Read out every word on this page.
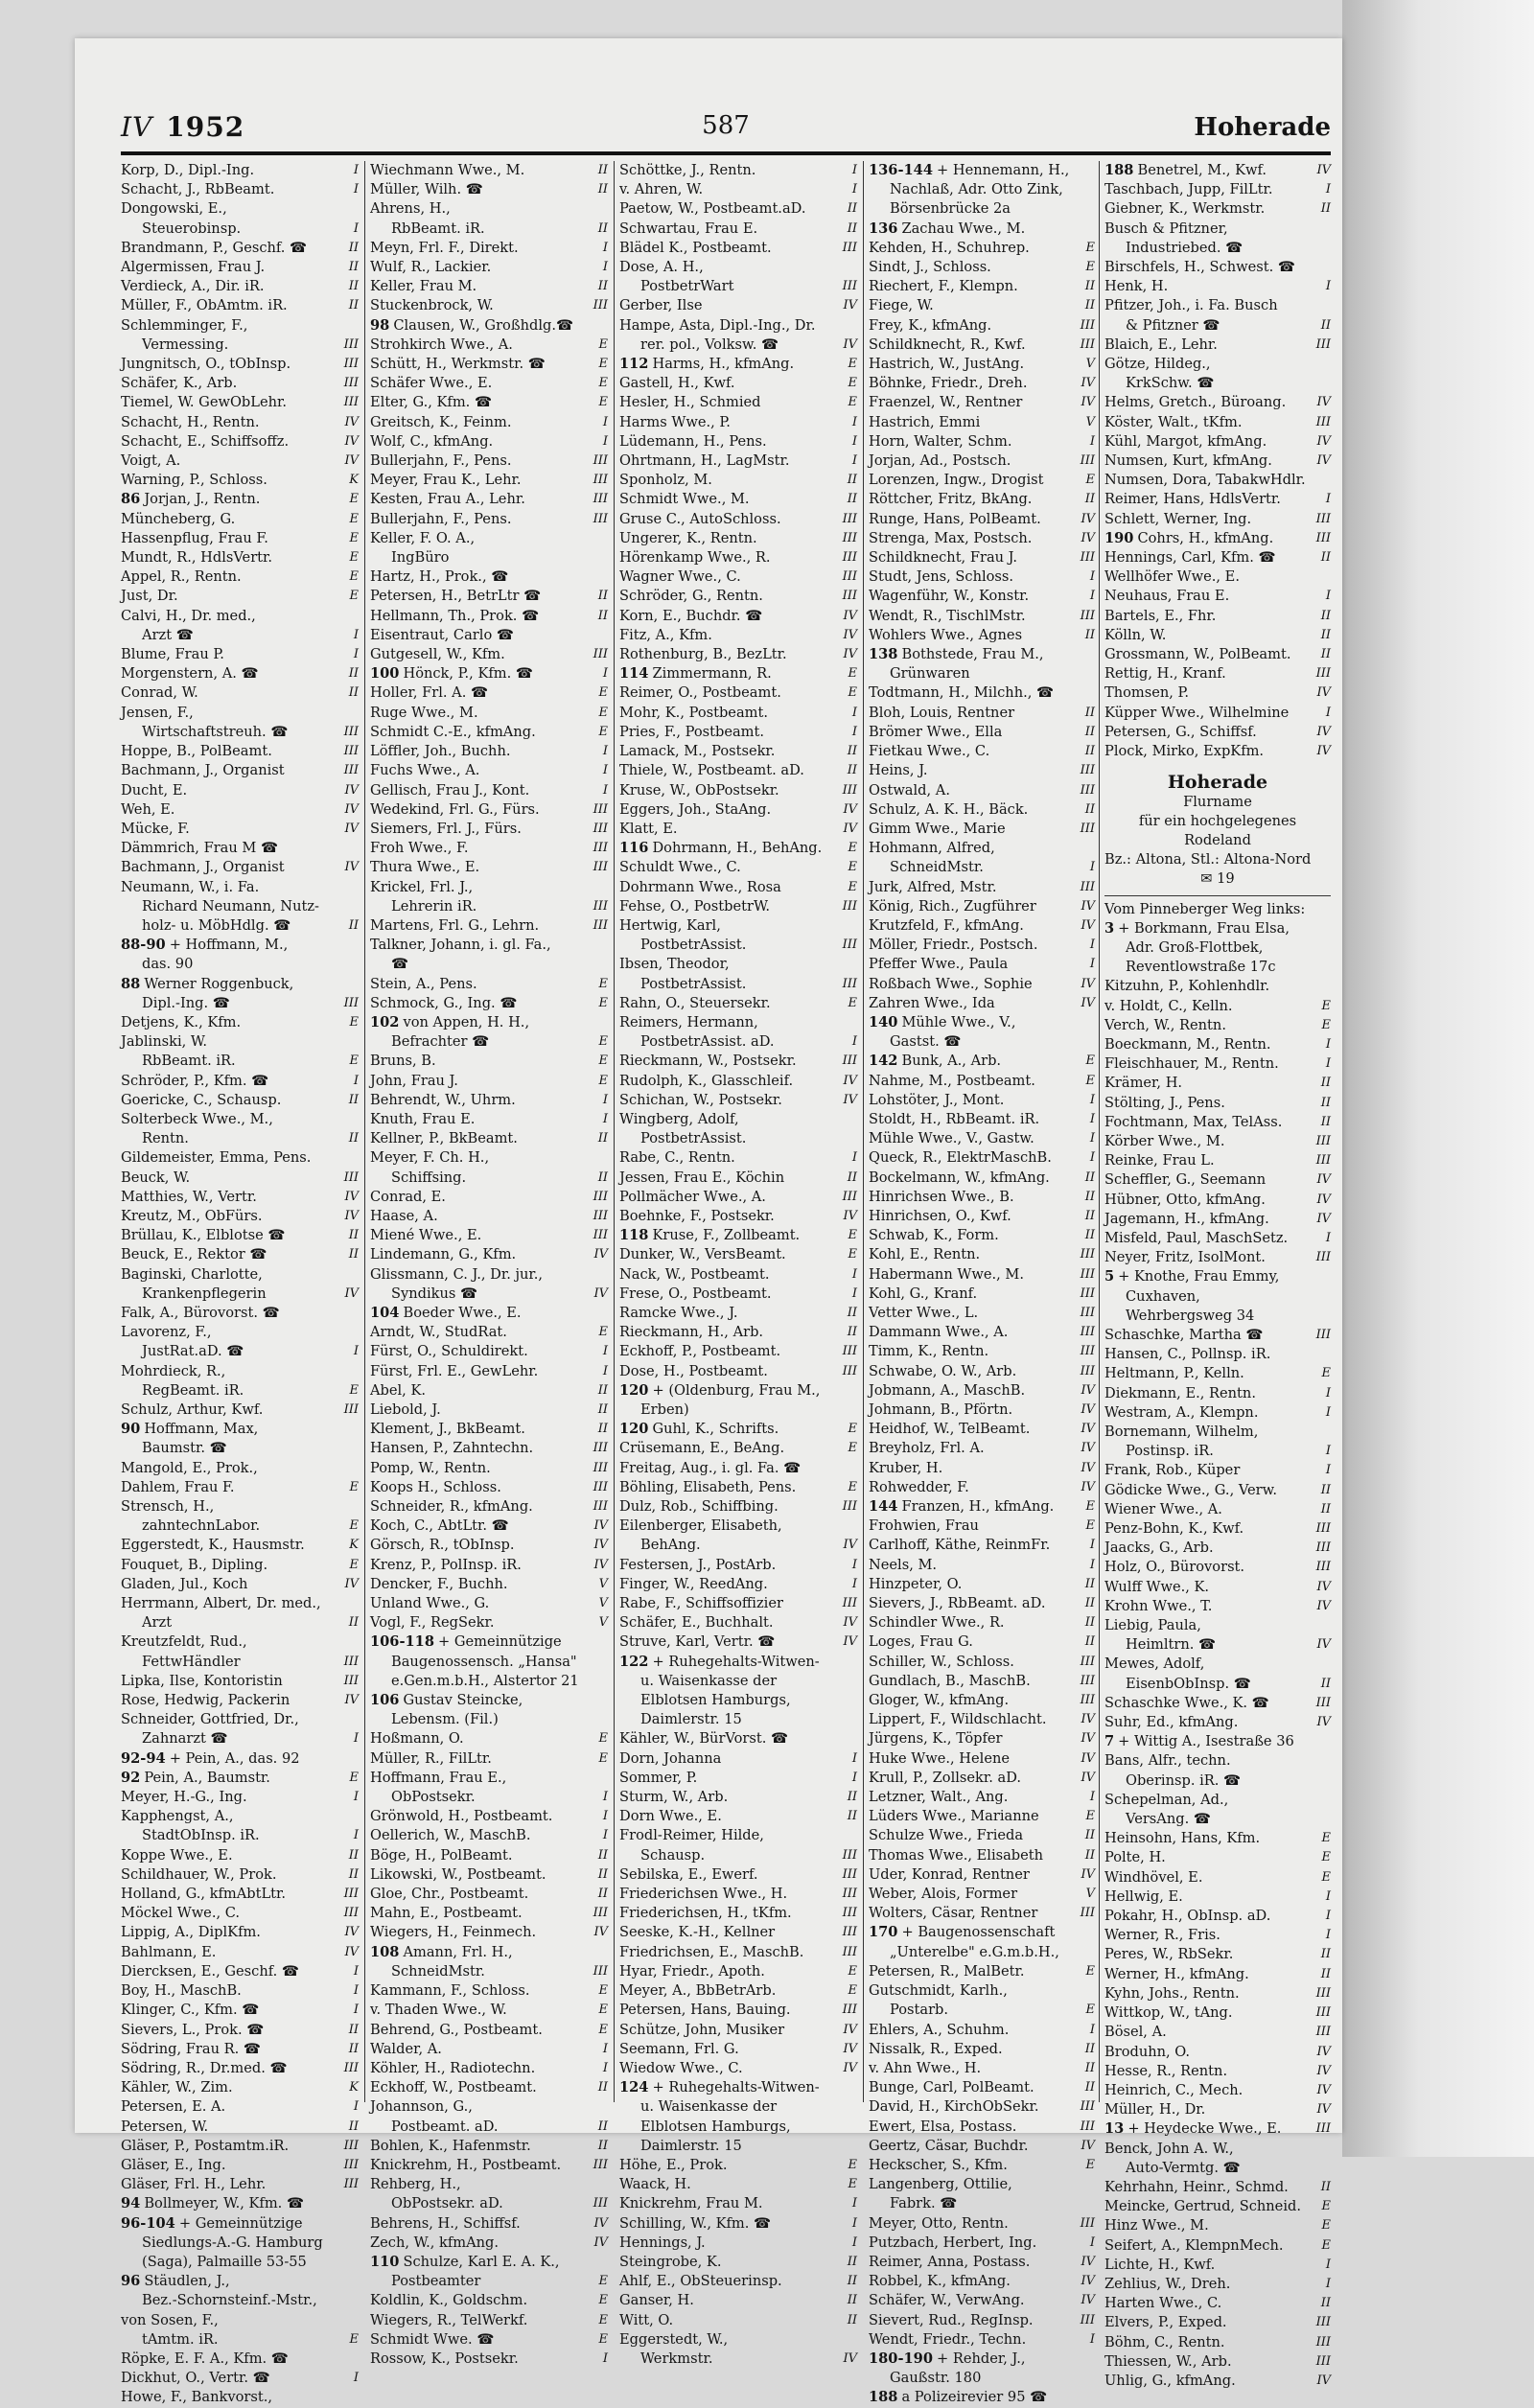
IV 1952	587	Hoherade
Korp, D., Dipl.-Ing.	I
Schacht, J., RbBeamt.	I
Dongowski, E.,
Steuerobinsp.	I
Brandmann, P., Geschf. ☎	II
Algermissen, Frau J.	II
Verdieck, A., Dir. iR.	II
Müller, F., ObAmtm. iR.	II
Schlemminger, F.,
Vermessing.	III
Jungnitsch, O., tObInsp.	III
Schäfer, K., Arb.	III
Tiemel, W. GewObLehr.	III
Schacht, H., Rentn.	IV
Schacht, E., Schiffsoffz.	IV
Voigt, A.	IV
Warning, P., Schloss.	K
86 Jorjan, J., Rentn.	E
Müncheberg, G.	E
Hassenpflug, Frau F.	E
Mundt, R., HdlsVertr.	E
Appel, R., Rentn.	E
Just, Dr.	E
Calvi, H., Dr. med.,
Arzt ☎	I
Blume, Frau P.	I
Morgenstern, A. ☎	II
Conrad, W.	II
Jensen, F.,
Wirtschaftstreuh. ☎	III
Hoppe, B., PolBeamt.	III
Bachmann, J., Organist	III
Ducht, E.	IV
Weh, E.	IV
Mücke, F.	IV
Dämmrich, Frau M ☎
Bachmann, J., Organist	IV
Neumann, W., i. Fa.
Richard Neumann, Nutz-
holz- u. MöbHdlg. ☎	II
88-90 + Hoffmann, M.,
das. 90
88 Werner Roggenbuck,
Dipl.-Ing. ☎	III
Detjens, K., Kfm.	E
Jablinski, W.
RbBeamt. iR.	E
Schröder, P., Kfm. ☎	I
Goericke, C., Schausp.	II
Solterbeck Wwe., M.,
Rentn.	II
Gildemeister, Emma, Pens.
Beuck, W.	III
Matthies, W., Vertr.	IV
Kreutz, M., ObFürs.	IV
Brüllau, K., Elblotse ☎	II
Beuck, E., Rektor ☎	II
Baginski, Charlotte,
Krankenpflegerin	IV
Falk, A., Bürovorst. ☎
Lavorenz, F.,
JustRat.aD. ☎	I
Mohrdieck, R.,
RegBeamt. iR.	E
Schulz, Arthur, Kwf.	III
90 Hoffmann, Max,
Baumstr. ☎
Mangold, E., Prok.,
Dahlem, Frau F.	E
Strensch, H.,
zahntechnLabor.	E
Eggerstedt, K., Hausmstr.	K
Fouquet, B., Dipling.	E
Gladen, Jul., Koch	IV
Herrmann, Albert, Dr. med.,
Arzt	II
Kreutzfeldt, Rud.,
FettwHändler	III
Lipka, Ilse, Kontoristin	III
Rose, Hedwig, Packerin	IV
Schneider, Gottfried, Dr.,
Zahnarzt ☎	I
92-94 + Pein, A., das. 92
92 Pein, A., Baumstr.	E
Meyer, H.-G., Ing.	I
Kapphengst, A.,
StadtObInsp. iR.	I
Koppe Wwe., E.	II
Schildhauer, W., Prok.	II
Holland, G., kfmAbtLtr.	III
Möckel Wwe., C.	III
Lippig, A., DiplKfm.	IV
Bahlmann, E.	IV
Diercksen, E., Geschf. ☎	I
Boy, H., MaschB.	I
Klinger, C., Kfm. ☎	I
Sievers, L., Prok. ☎	II
Södring, Frau R. ☎	II
Södring, R., Dr.med. ☎	III
Kähler, W., Zim.	K
Petersen, E. A.	I
Petersen, W.	II
Gläser, P., Postamtm.iR.	III
Gläser, E., Ing.	III
Gläser, Frl. H., Lehr.	III
94 Bollmeyer, W., Kfm. ☎
96-104 + Gemeinnützige
Siedlungs-A.-G. Hamburg
(Saga), Palmaille 53-55
96 Stäudlen, J.,
Bez.-Schornsteinf.-Mstr.,
von Sosen, F.,
tAmtm. iR.	E
Röpke, E. F. A., Kfm. ☎
Dickhut, O., Vertr. ☎	I
Howe, F., Bankvorst.,
Wiechmann Wwe., M.	II
Müller, Wilh. ☎	II
Ahrens, H.,
RbBeamt. iR.	II
Meyn, Frl. F., Direkt.	I
Wulf, R., Lackier.	I
Keller, Frau M.	II
Stuckenbrock, W.	III
98 Clausen, W., Großhdlg.☎
Strohkirch Wwe., A.	E
Schütt, H., Werkmstr. ☎	E
Schäfer Wwe., E.	E
Elter, G., Kfm. ☎	E
Greitsch, K., Feinm.	I
Wolf, C., kfmAng.	I
Bullerjahn, F., Pens.	III
Meyer, Frau K., Lehr.	III
Kesten, Frau A., Lehr.	III
Bullerjahn, F., Pens.	III
Keller, F. O. A.,
IngBüro
Hartz, H., Prok., ☎
Petersen, H., BetrLtr ☎	II
Hellmann, Th., Prok. ☎	II
Eisentraut, Carlo ☎
Gutgesell, W., Kfm.	III
100 Hönck, P., Kfm. ☎	I
Holler, Frl. A. ☎	E
Ruge Wwe., M.	E
Schmidt C.-E., kfmAng.	E
Löffler, Joh., Buchh.	I
Fuchs Wwe., A.	I
Gellisch, Frau J., Kont.	I
Wedekind, Frl. G., Fürs.	III
Siemers, Frl. J., Fürs.	III
Froh Wwe., F.	III
Thura Wwe., E.	III
Krickel, Frl. J.,
Lehrerin iR.	III
Martens, Frl. G., Lehrn.	III
Talkner, Johann, i. gl. Fa.,
☎
Stein, A., Pens.	E
Schmock, G., Ing. ☎	E
102 von Appen, H. H.,
Befrachter ☎	E
Bruns, B.	E
John, Frau J.	E
Behrendt, W., Uhrm.	I
Knuth, Frau E.	I
Kellner, P., BkBeamt.	II
Meyer, F. Ch. H.,
Schiffsing.	II
Conrad, E.	III
Haase, A.	III
Miené Wwe., E.	III
Lindemann, G., Kfm.	IV
Glissmann, C. J., Dr. jur.,
Syndikus ☎	IV
104 Boeder Wwe., E.
Arndt, W., StudRat.	E
Fürst, O., Schuldirekt.	I
Fürst, Frl. E., GewLehr.	I
Abel, K.	II
Liebold, J.	II
Klement, J., BkBeamt.	II
Hansen, P., Zahntechn.	III
Pomp, W., Rentn.	III
Koops H., Schloss.	III
Schneider, R., kfmAng.	III
Koch, C., AbtLtr. ☎	IV
Görsch, R., tObInsp.	IV
Krenz, P., PolInsp. iR.	IV
Dencker, F., Buchh.	V
Unland Wwe., G.	V
Vogl, F., RegSekr.	V
106-118 + Gemeinnützige
Baugenossensch. „Hansa"
e.Gen.m.b.H., Alstertor 21
106 Gustav Steincke,
Lebensm. (Fil.)
Hoßmann, O.	E
Müller, R., FilLtr.	E
Hoffmann, Frau E.,
ObPostsekr.	I
Grönwold, H., Postbeamt.	I
Oellerich, W., MaschB.	I
Böge, H., PolBeamt.	II
Likowski, W., Postbeamt.	II
Gloe, Chr., Postbeamt.	II
Mahn, E., Postbeamt.	III
Wiegers, H., Feinmech.	IV
108 Amann, Frl. H.,
SchneidMstr.	III
Kammann, F., Schloss.	E
v. Thaden Wwe., W.	E
Behrend, G., Postbeamt.	E
Walder, A.	I
Köhler, H., Radiotechn.	I
Eckhoff, W., Postbeamt.	II
Johannson, G.,
Postbeamt. aD.	II
Bohlen, K., Hafenmstr.	II
Knickrehm, H., Postbeamt.	III
Rehberg, H.,
ObPostsekr. aD.	III
Behrens, H., Schiffsf.	IV
Zech, W., kfmAng.	IV
110 Schulze, Karl E. A. K.,
Postbeamter	E
Koldlin, K., Goldschm.	E
Wiegers, R., TelWerkf.	E
Schmidt Wwe. ☎	E
Rossow, K., Postsekr.	I
Schöttke, J., Rentn.	I
v. Ahren, W.	I
Paetow, W., Postbeamt.aD.	II
Schwartau, Frau E.	II
Blädel K., Postbeamt.	III
Dose, A. H.,
PostbetrWart	III
Gerber, Ilse	IV
Hampe, Asta, Dipl.-Ing., Dr.
rer. pol., Volksw. ☎	IV
112 Harms, H., kfmAng.	E
Gastell, H., Kwf.	E
Hesler, H., Schmied	E
Harms Wwe., P.	I
Lüdemann, H., Pens.	I
Ohrtmann, H., LagMstr.	I
Sponholz, M.	II
Schmidt Wwe., M.	II
Gruse C., AutoSchloss.	III
Ungerer, K., Rentn.	III
Hörenkamp Wwe., R.	III
Wagner Wwe., C.	III
Schröder, G., Rentn.	III
Korn, E., Buchdr. ☎	IV
Fitz, A., Kfm.	IV
Rothenburg, B., BezLtr.	IV
114 Zimmermann, R.	E
Reimer, O., Postbeamt.	E
Mohr, K., Postbeamt.	I
Pries, F., Postbeamt.	I
Lamack, M., Postsekr.	II
Thiele, W., Postbeamt. aD.	II
Kruse, W., ObPostsekr.	III
Eggers, Joh., StaAng.	IV
Klatt, E.	IV
116 Dohrmann, H., BehAng. E
Schuldt Wwe., C.	E
Dohrmann Wwe., Rosa	E
Fehse, O., PostbetrW.	III
Hertwig, Karl,
PostbetrAssist.	III
Ibsen, Theodor,
PostbetrAssist.	III
Rahn, O., Steuersekr.	E
Reimers, Hermann,
PostbetrAssist. aD.	I
Rieckmann, W., Postsekr.	III
Rudolph, K., Glasschleif.	IV
Schichan, W., Postsekr.	IV
Wingberg, Adolf,
PostbetrAssist.
Rabe, C., Rentn.	I
Jessen, Frau E., Köchin	II
Pollmächer Wwe., A.	III
Boehnke, F., Postsekr.	IV
118 Kruse, F., Zollbeamt.	E
Dunker, W., VersBeamt.	E
Nack, W., Postbeamt.	I
Frese, O., Postbeamt.	I
Ramcke Wwe., J.	II
Rieckmann, H., Arb.	II
Eckhoff, P., Postbeamt.	III
Dose, H., Postbeamt.	III
120 + (Oldenburg, Frau M.,
Erben)
120 Guhl, K., Schrifts.	E
Crüsemann, E., BeAng.	E
Freitag, Aug., i. gl. Fa. ☎
Böhling, Elisabeth, Pens.	E
Dulz, Rob., Schiffbing.	III
Eilenberger, Elisabeth,
BehAng.	IV
Festersen, J., PostArb.	I
Finger, W., ReedAng.	I
Rabe, F., Schiffsoffizier	III
Schäfer, E., Buchhalt.	IV
Struve, Karl, Vertr. ☎	IV
122 + Ruhegehalts-Witwen-
u. Waisenkasse der
Elblotsen Hamburgs,
Daimlerstr. 15
Kähler, W., BürVorst. ☎
Dorn, Johanna	I
Sommer, P.	I
Sturm, W., Arb.	II
Dorn Wwe., E.	II
Frodl-Reimer, Hilde,
Schausp.	III
Sebilska, E., Ewerf.	III
Friederichsen Wwe., H.	III
Friederichsen, H., tKfm.	III
Seeske, K.-H., Kellner	III
Friedrichsen, E., MaschB.	III
Hyar, Friedr., Apoth.	E
Meyer, A., BbBetrArb.	E
Petersen, Hans, Bauing.	III
Schütze, John, Musiker	IV
Seemann, Frl. G.	IV
Wiedow Wwe., C.	IV
124 + Ruhegehalts-Witwen-
u. Waisenkasse der
Elblotsen Hamburgs,
Daimlerstr. 15
Höhe, E., Prok.	E
Waack, H.	E
Knickrehm, Frau M.	I
Schilling, W., Kfm. ☎	I
Hennings, J.	I
Steingrobe, K.	II
Ahlf, E., ObSteuerinsp.	II
Ganser, H.	II
Witt, O.	II
Eggerstedt, W.,
Werkmstr.	IV
136-144 + Hennemann, H.,
Nachlaß, Adr. Otto Zink,
Börsenbrücke 2a
136 Zachau Wwe., M.
Kehden, H., Schuhrep.	E
Sindt, J., Schloss.	E
Riechert, F., Klempn.	II
Fiege, W.	II
Frey, K., kfmAng.	III
Schildknecht, R., Kwf.	III
Hastrich, W., JustAng.	V
Böhnke, Friedr., Dreh.	IV
Fraenzel, W., Rentner	IV
Hastrich, Emmi	V
Horn, Walter, Schm.	I
Jorjan, Ad., Postsch.	III
Lorenzen, Ingw., Drogist	E
Röttcher, Fritz, BkAng.	II
Runge, Hans, PolBeamt.	IV
Strenga, Max, Postsch.	IV
Schildknecht, Frau J.	III
Studt, Jens, Schloss.	I
Wagenführ, W., Konstr.	I
Wendt, R., TischlMstr.	III
Wohlers Wwe., Agnes	II
138 Bothstede, Frau M.,
Grünwaren
Todtmann, H., Milchh., ☎
Bloh, Louis, Rentner	II
Brömer Wwe., Ella	II
Fietkau Wwe., C.	II
Heins, J.	III
Ostwald, A.	III
Schulz, A. K. H., Bäck.	II
Gimm Wwe., Marie	III
Hohmann, Alfred,
SchneidMstr.	I
Jurk, Alfred, Mstr.	III
König, Rich., Zugführer	IV
Krutzfeld, F., kfmAng.	IV
Möller, Friedr., Postsch.	I
Pfeffer Wwe., Paula	I
Roßbach Wwe., Sophie	IV
Zahren Wwe., Ida	IV
140 Mühle Wwe., V.,
Gastst. ☎
142 Bunk, A., Arb.	E
Nahme, M., Postbeamt.	E
Lohstöter, J., Mont.	I
Stoldt, H., RbBeamt. iR.	I
Mühle Wwe., V., Gastw.	I
Queck, R., ElektrMaschB.	I
Bockelmann, W., kfmAng.	II
Hinrichsen Wwe., B.	II
Hinrichsen, O., Kwf.	II
Schwab, K., Form.	II
Kohl, E., Rentn.	III
Habermann Wwe., M.	III
Kohl, G., Kranf.	III
Vetter Wwe., L.	III
Dammann Wwe., A.	III
Timm, K., Rentn.	III
Schwabe, O. W., Arb.	III
Jobmann, A., MaschB.	IV
Johmann, B., Pförtn.	IV
Heidhof, W., TelBeamt.	IV
Breyholz, Frl. A.	IV
Kruber, H.	IV
Rohwedder, F.	IV
144 Franzen, H., kfmAng.	E
Frohwien, Frau	E
Carlhoff, Käthe, ReinmFr.	I
Neels, M.	I
Hinzpeter, O.	II
Sievers, J., RbBeamt. aD.	II
Schindler Wwe., R.	II
Loges, Frau G.	II
Schiller, W., Schloss.	III
Gundlach, B., MaschB.	III
Gloger, W., kfmAng.	III
Lippert, F., Wildschlacht.	IV
Jürgens, K., Töpfer	IV
Huke Wwe., Helene	IV
Krull, P., Zollsekr. aD.	IV
Letzner, Walt., Ang.	I
Lüders Wwe., Marianne	E
Schulze Wwe., Frieda	II
Thomas Wwe., Elisabeth	II
Uder, Konrad, Rentner	IV
Weber, Alois, Former	V
Wolters, Cäsar, Rentner	III
170 + Baugenossenschaft
„Unterelbe" e.G.m.b.H.,
Petersen, R., MalBetr.	E
Gutschmidt, Karlh.,
Postarb.	E
Ehlers, A., Schuhm.	I
Nissalk, R., Exped.	II
v. Ahn Wwe., H.	II
Bunge, Carl, PolBeamt.	II
David, H., KirchObSekr.	III
Ewert, Elsa, Postass.	III
Geertz, Cäsar, Buchdr.	IV
Heckscher, S., Kfm.	E
Langenberg, Ottilie,
Fabrk. ☎
Meyer, Otto, Rentn.	III
Putzbach, Herbert, Ing.	I
Reimer, Anna, Postass.	IV
Robbel, K., kfmAng.	IV
Schäfer, W., VerwAng.	IV
Sievert, Rud., RegInsp.	III
Wendt, Friedr., Techn.	I
180-190 + Rehder, J.,
Gaußstr. 180
188 a Polizeirevier 95 ☎
188 Benetrel, M., Kwf.	IV
Taschbach, Jupp, FilLtr.	I
Giebner, K., Werkmstr.	II
Busch & Pfitzner,
Industriebed. ☎
Birschfels, H., Schwest. ☎
Henk, H.	I
Pfitzer, Joh., i. Fa. Busch
& Pfitzner ☎	II
Blaich, E., Lehr.	III
Götze, Hildeg.,
KrkSchw. ☎
Helms, Gretch., Büroang. IV
Köster, Walt., tKfm.	III
Kühl, Margot, kfmAng.	IV
Numsen, Kurt, kfmAng.	IV
Numsen, Dora, TabakwHdlr.
Reimer, Hans, HdlsVertr.	I
Schlett, Werner, Ing.	III
190 Cohrs, H., kfmAng.	III
Hennings, Carl, Kfm. ☎	II
Wellhöfer Wwe., E.
Neuhaus, Frau E.	I
Bartels, E., Fhr.	II
Kölln, W.	II
Grossmann, W., PolBeamt. II
Rettig, H., Kranf.	III
Thomsen, P.	IV
Küpper Wwe., Wilhelmine	I
Petersen, G., Schiffsf.	IV
Plock, Mirko, ExpKfm.	IV
Hoherade
Flurname
für ein hochgelegenes
Rodeland
Bz.: Altona, Stl.: Altona-Nord
✉ 19
Vom Pinneberger Weg links:
3 + Borkmann, Frau Elsa,
Adr. Groß-Flottbek,
Reventlowstraße 17c
Kitzuhn, P., Kohlenhdlr.
v. Holdt, C., Kelln.	E
Verch, W., Rentn.	E
Boeckmann, M., Rentn.	I
Fleischhauer, M., Rentn.	I
Krämer, H.	II
Stölting, J., Pens.	II
Fochtmann, Max, TelAss.	II
Körber Wwe., M.	III
Reinke, Frau L.	III
Scheffler, G., Seemann	IV
Hübner, Otto, kfmAng.	IV
Jagemann, H., kfmAng.	IV
Misfeld, Paul, MaschSetz.	I
Neyer, Fritz, IsolMont.	III
5 + Knothe, Frau Emmy,
Cuxhaven,
Wehrbergsweg 34
Schaschke, Martha ☎	III
Hansen, C., Pollnsp. iR.
Heltmann, P., Kelln.	E
Diekmann, E., Rentn.	I
Westram, A., Klempn.	I
Bornemann, Wilhelm,
Postinsp. iR.	I
Frank, Rob., Küper	I
Gödicke Wwe., G., Verw.	II
Wiener Wwe., A.	II
Penz-Bohn, K., Kwf.	III
Jaacks, G., Arb.	III
Holz, O., Bürovorst.	III
Wulff Wwe., K.	IV
Krohn Wwe., T.	IV
Liebig, Paula,
Heimltrn. ☎	IV
Mewes, Adolf,
EisenbObInsp. ☎	II
Schaschke Wwe., K. ☎	III
Suhr, Ed., kfmAng.	IV
7 + Wittig A., Isestraße 36
Bans, Alfr., techn.
Oberinsp. iR. ☎
Schepelman, Ad.,
VersAng. ☎
Heinsohn, Hans, Kfm.	E
Polte, H.	E
Windhövel, E.	E
Hellwig, E.	I
Pokahr, H., ObInsp. aD.	I
Werner, R., Fris.	I
Peres, W., RbSekr.	II
Werner, H., kfmAng.	II
Kyhn, Johs., Rentn.	III
Wittkop, W., tAng.	III
Bösel, A.	III
Broduhn, O.	IV
Hesse, R., Rentn.	IV
Heinrich, C., Mech.	IV
Müller, H., Dr.	IV
13 + Heydecke Wwe., E.	III
Benck, John A. W.,
Auto-Vermtg. ☎
Kehrhahn, Heinr., Schmd.	II
Meincke, Gertrud, Schneid. E
Hinz Wwe., M.	E
Seifert, A., KlempnMech.	E
Lichte, H., Kwf.	I
Zehlius, W., Dreh.	I
Harten Wwe., C.	II
Elvers, P., Exped.	III
Böhm, C., Rentn.	III
Thiessen, W., Arb.	III
Uhlig, G., kfmAng.	IV
